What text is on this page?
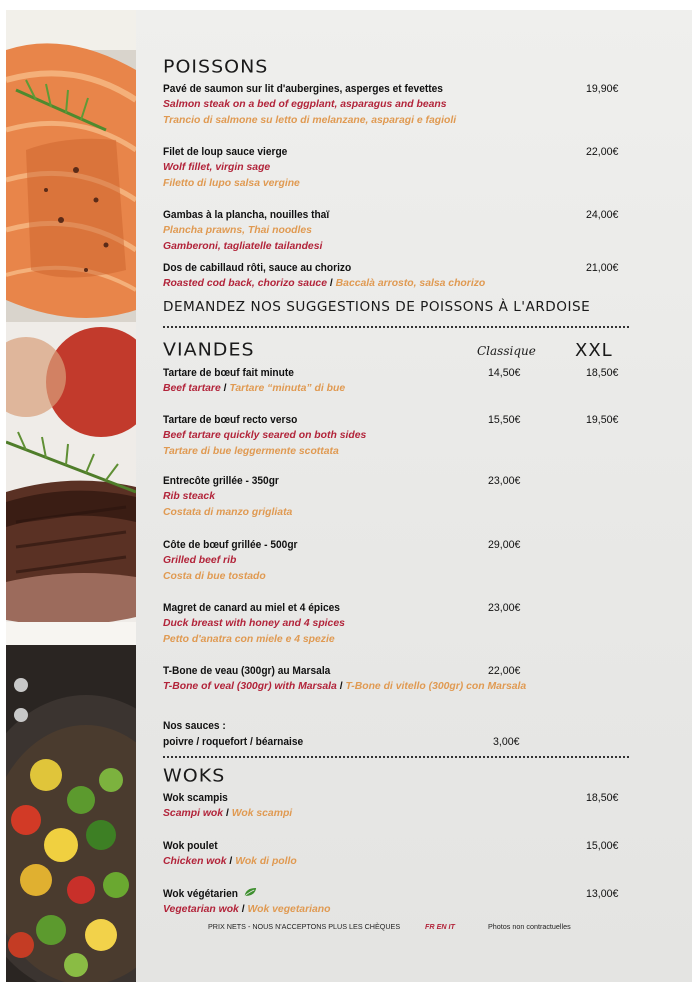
POISSONS
Pavé de saumon sur lit d'aubergines, asperges et fevettes
Salmon steak on a bed of eggplant, asparagus and beans
Trancio di salmone su letto di melanzane, asparagi e fagioli
19,90€
Filet de loup sauce vierge
Wolf fillet, virgin sage
Filetto di lupo salsa vergine
22,00€
Gambas à la plancha, nouilles thaï
Plancha prawns, Thai noodles
Gamberoni, tagliatelle tailandesi
24,00€
Dos de cabillaud rôti, sauce au chorizo
Roasted cod back, chorizo sauce / Baccalà arrosto, salsa chorizo
21,00€
DEMANDEZ NOS SUGGESTIONS DE POISSONS À L'ARDOISE
VIANDES	Classique XXL
Tartare de bœuf fait minute
Beef tartare / Tartare “minuta” di bue
14,50€	18,50€
Tartare de bœuf recto verso
Beef tartare quickly seared on both sides
Tartare di bue leggermente scottata
15,50€	19,50€
Entrecôte grillée - 350gr
Rib steack
Costata di manzo grigliata
23,00€
Côte de bœuf grillée - 500gr
Grilled beef rib
Costa di bue tostado
29,00€
Magret de canard au miel et 4 épices
Duck breast with honey and 4 spices
Petto d'anatra con miele e 4 spezie
23,00€
T-Bone de veau (300gr) au Marsala
T-Bone of veal (300gr) with Marsala / T-Bone di vitello (300gr) con Marsala
22,00€
Nos sauces :
poivre / roquefort / béarnaise	3,00€
WOKS
Wok scampis
Scampi wok / Wok scampi
18,50€
Wok poulet
Chicken wok / Wok di pollo
15,00€
Wok végétarien
Vegetarian wok / Wok vegetariano
13,00€
PRIX NETS - NOUS N'ACCEPTONS PLUS LES CHÈQUES	FR EN IT	Photos non contractuelles
